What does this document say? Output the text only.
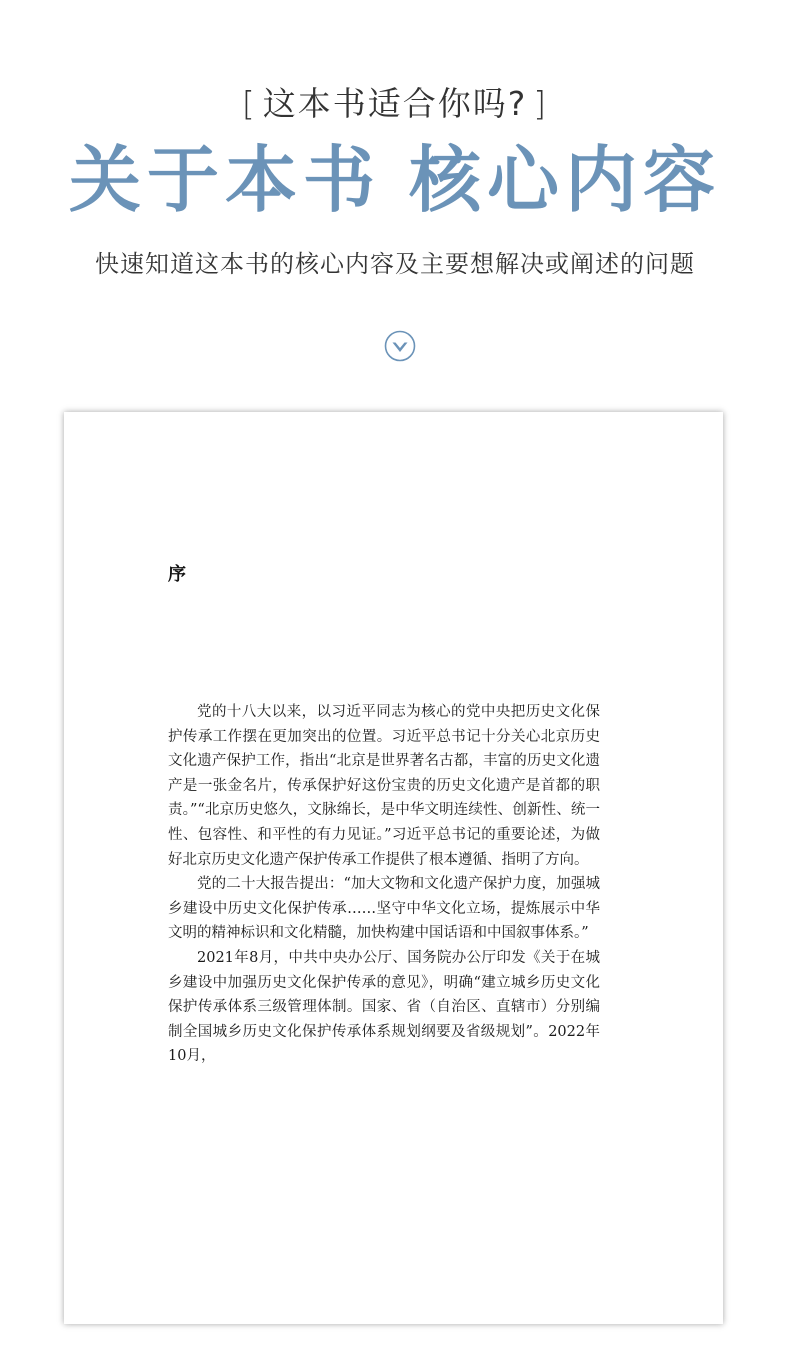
[ 这本书适合你吗? ]
关于本书 核心内容
快速知道这本书的核心内容及主要想解决或阐述的问题
序

党的十八大以来，以习近平同志为核心的党中央把历史文化保护传承工作摆在更加突出的位置。习近平总书记十分关心北京历史文化遗产保护工作，指出“北京是世界著名古都，丰富的历史文化遗产是一张金名片，传承保护好这份宝贵的历史文化遗产是首都的职责。”“北京历史悠久，文脉绵长，是中华文明连续性、创新性、统一性、包容性、和平性的有力见证。”习近平总书记的重要论述，为做好北京历史文化遗产保护传承工作提供了根本遵循、指明了方向。

党的二十大报告提出：“加大文物和文化遗产保护力度，加强城乡建设中历史文化保护传承……坚守中华文化立场，提炼展示中华文明的精神标识和文化精髓，加快构建中国话语和中国叙事体系。”

2021年8月，中共中央办公厅、国务院办公厅印发《关于在城乡建设中加强历史文化保护传承的意见》，明确“建立城乡历史文化保护传承体系三级管理体制。国家、省（自治区、直辖市）分别编制全国城乡历史文化保护传承体系规划纲要及省级规划”。2022年10月，
